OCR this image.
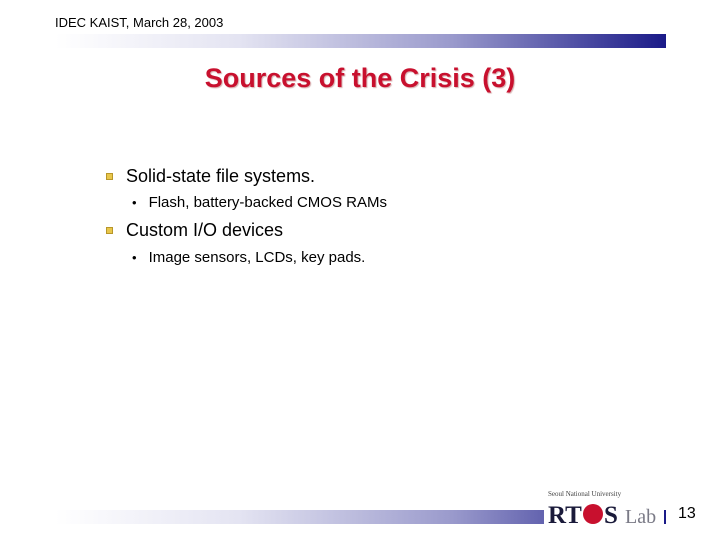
IDEC KAIST, March 28, 2003
Sources of the Crisis (3)
Solid-state file systems.
• Flash, battery-backed CMOS RAMs
Custom I/O devices
• Image sensors, LCDs, key pads.
Seoul National University
RT S Lab 13
